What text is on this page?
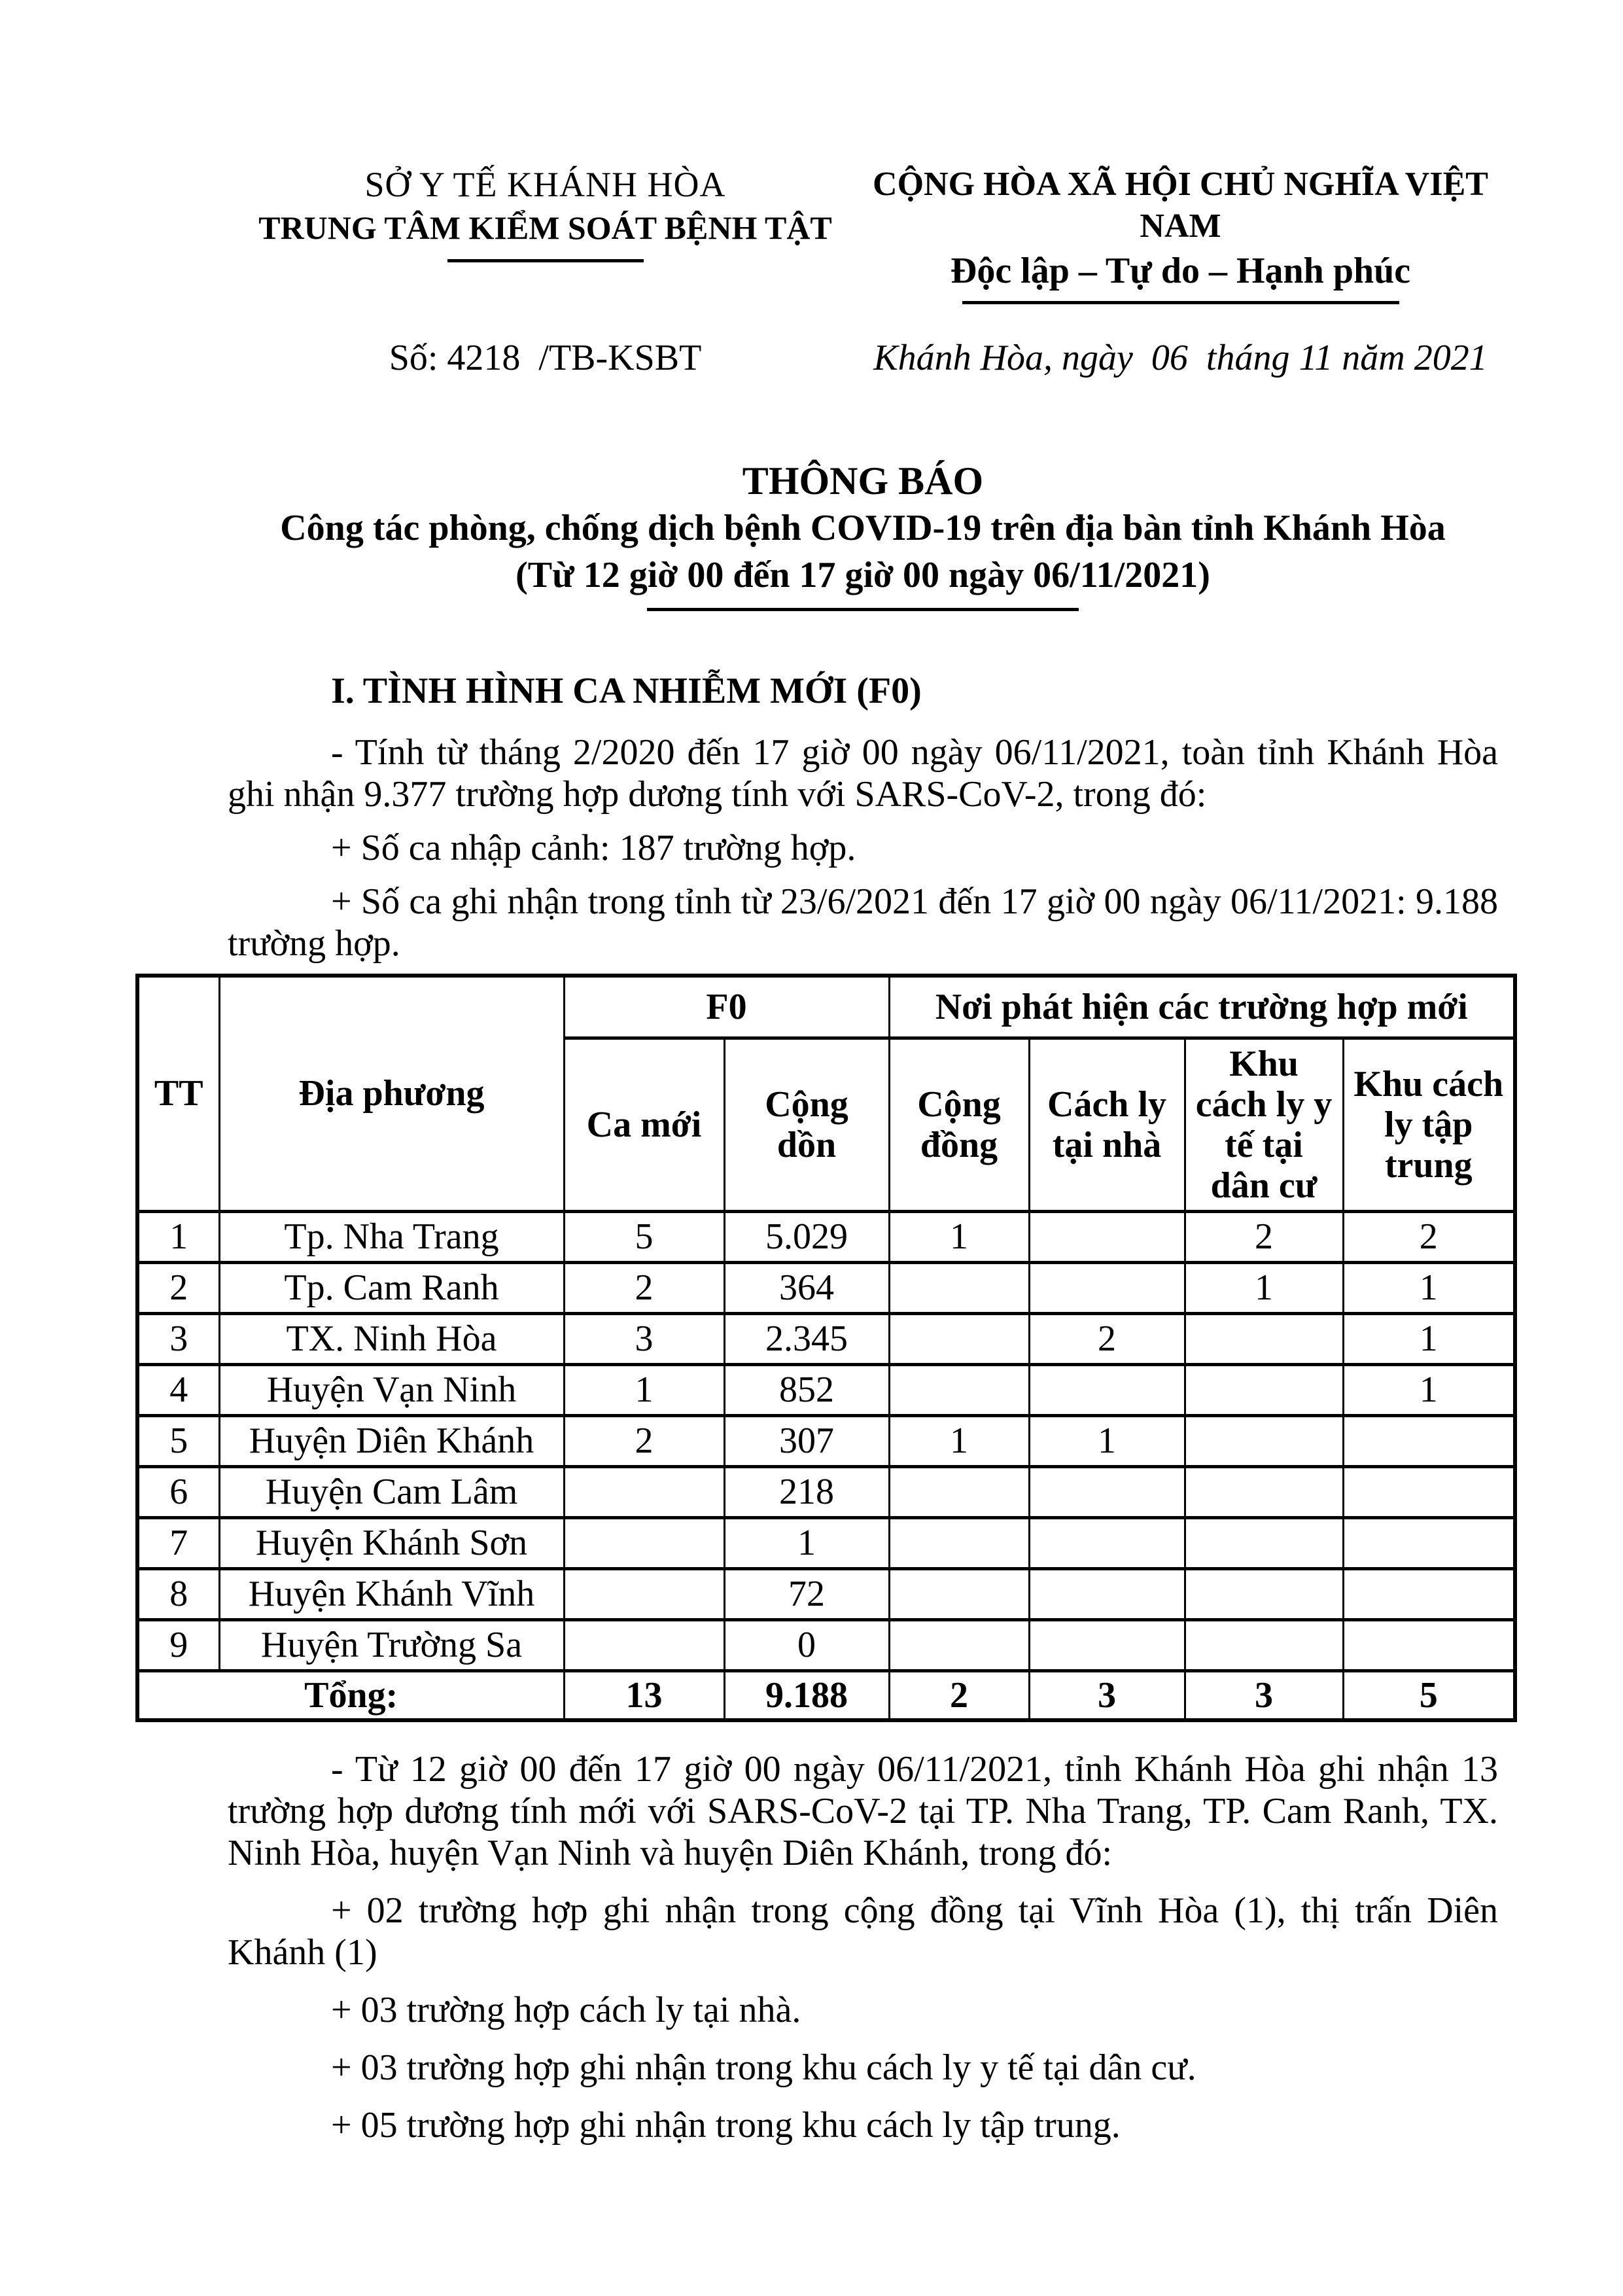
SỞ Y TẾ KHÁNH HÒA
TRUNG TÂM KIỂM SOÁT BỆNH TẬT
CỘNG HÒA XÃ HỘI CHỦ NGHĨA VIỆT NAM
Độc lập – Tự do – Hạnh phúc
Số: 4218  /TB-KSBT	Khánh Hòa, ngày  06  tháng 11 năm 2021
THÔNG BÁO
Công tác phòng, chống dịch bệnh COVID-19 trên địa bàn tỉnh Khánh Hòa
(Từ 12 giờ 00 đến 17 giờ 00 ngày 06/11/2021)
I. TÌNH HÌNH CA NHIỄM MỚI (F0)

- Tính từ tháng 2/2020 đến 17 giờ 00 ngày 06/11/2021, toàn tỉnh Khánh Hòa ghi nhận 9.377 trường hợp dương tính với SARS-CoV-2, trong đó:

+ Số ca nhập cảnh: 187 trường hợp.

+ Số ca ghi nhận trong tỉnh từ 23/6/2021 đến 17 giờ 00 ngày 06/11/2021: 9.188 trường hợp.

TT	Địa phương	F0		Nơi phát hiện các trường hợp mới			
		Ca mới	Cộng dồn	Cộng đồng	Cách ly tại nhà	Khu cách ly y tế tại dân cư	Khu cách ly tập trung
1	Tp. Nha Trang	5	5.029	1		2	2
2	Tp. Cam Ranh	2	364			1	1
3	TX. Ninh Hòa	3	2.345		2		1
4	Huyện Vạn Ninh	1	852				1
5	Huyện Diên Khánh	2	307	1	1		
6	Huyện Cam Lâm		218				
7	Huyện Khánh Sơn		1				
8	Huyện Khánh Vĩnh		72				
9	Huyện Trường Sa		0				
Tổng:		13	9.188	2	3	3	5

- Từ 12 giờ 00 đến 17 giờ 00 ngày 06/11/2021, tỉnh Khánh Hòa ghi nhận 13 trường hợp dương tính mới với SARS-CoV-2 tại TP. Nha Trang, TP. Cam Ranh, TX. Ninh Hòa, huyện Vạn Ninh và huyện Diên Khánh, trong đó:

+ 02 trường hợp ghi nhận trong cộng đồng tại Vĩnh Hòa (1), thị trấn Diên Khánh (1)

+ 03 trường hợp cách ly tại nhà.

+ 03 trường hợp ghi nhận trong khu cách ly y tế tại dân cư.

+ 05 trường hợp ghi nhận trong khu cách ly tập trung.
